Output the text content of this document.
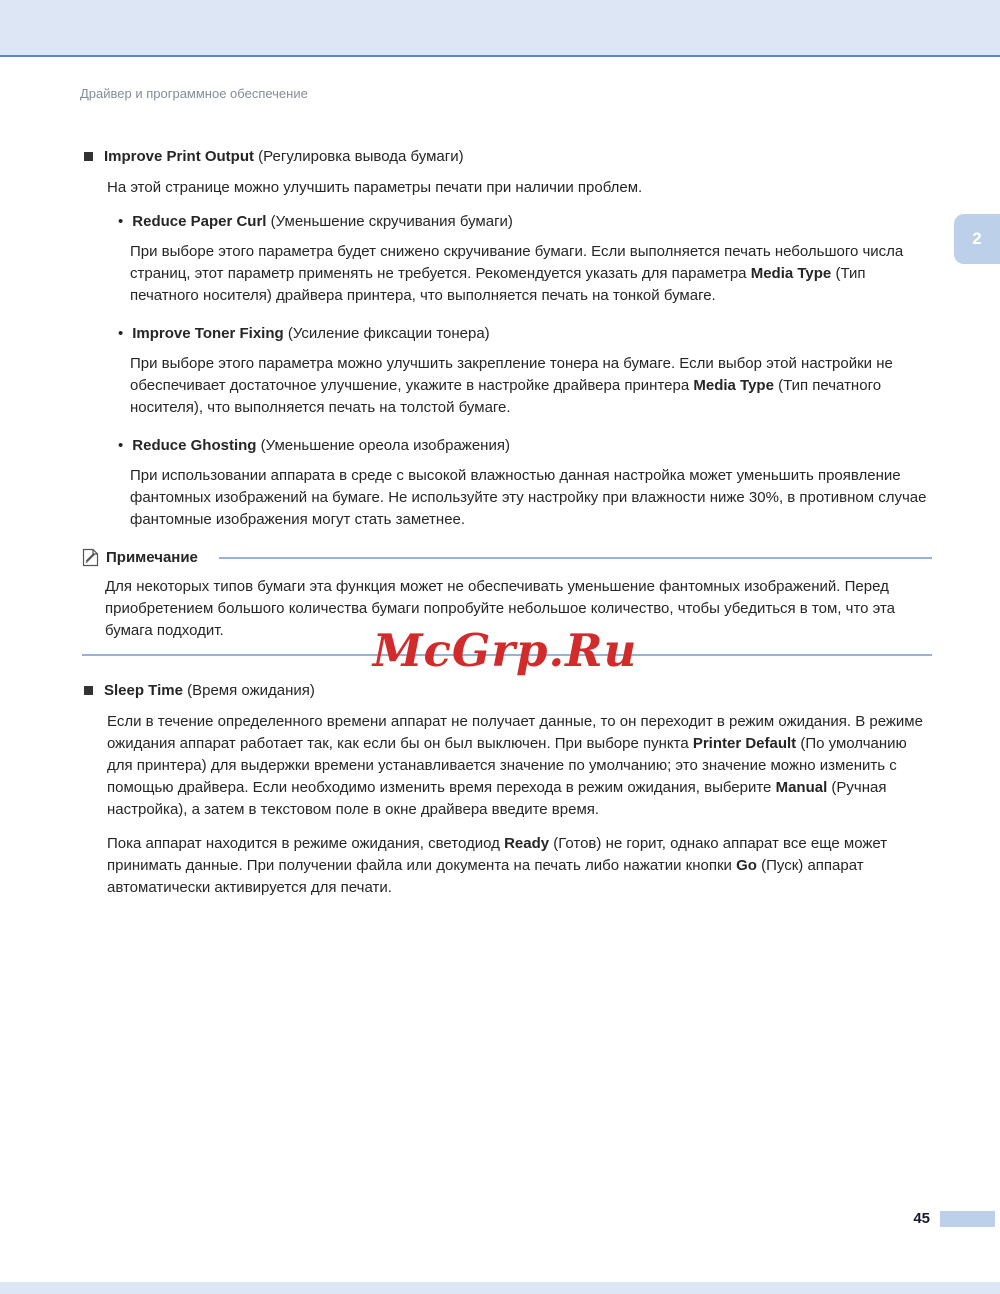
Драйвер и программное обеспечение
2
Improve Print Output (Регулировка вывода бумаги)

На этой странице можно улучшить параметры печати при наличии проблем.

• Reduce Paper Curl (Уменьшение скручивания бумаги)

При выборе этого параметра будет снижено скручивание бумаги. Если выполняется печать небольшого числа страниц, этот параметр применять не требуется. Рекомендуется указать для параметра Media Type (Тип печатного носителя) драйвера принтера, что выполняется печать на тонкой бумаге.

• Improve Toner Fixing (Усиление фиксации тонера)

При выборе этого параметра можно улучшить закрепление тонера на бумаге. Если выбор этой настройки не обеспечивает достаточное улучшение, укажите в настройке драйвера принтера Media Type (Тип печатного носителя), что выполняется печать на толстой бумаге.

• Reduce Ghosting (Уменьшение ореола изображения)

При использовании аппарата в среде с высокой влажностью данная настройка может уменьшить проявление фантомных изображений на бумаге. Не используйте эту настройку при влажности ниже 30%, в противном случае фантомные изображения могут стать заметнее.

Примечание

Для некоторых типов бумаги эта функция может не обеспечивать уменьшение фантомных изображений. Перед приобретением большого количества бумаги попробуйте небольшое количество, чтобы убедиться в том, что эта бумага подходит.

Sleep Time (Время ожидания)

Если в течение определенного времени аппарат не получает данные, то он переходит в режим ожидания. В режиме ожидания аппарат работает так, как если бы он был выключен. При выборе пункта Printer Default (По умолчанию для принтера) для выдержки времени устанавливается значение по умолчанию; это значение можно изменить с помощью драйвера. Если необходимо изменить время перехода в режим ожидания, выберите Manual (Ручная настройка), а затем в текстовом поле в окне драйвера введите время.

Пока аппарат находится в режиме ожидания, светодиод Ready (Готов) не горит, однако аппарат все еще может принимать данные. При получении файла или документа на печать либо нажатии кнопки Go (Пуск) аппарат автоматически активируется для печати.

McGrp.Ru
45
